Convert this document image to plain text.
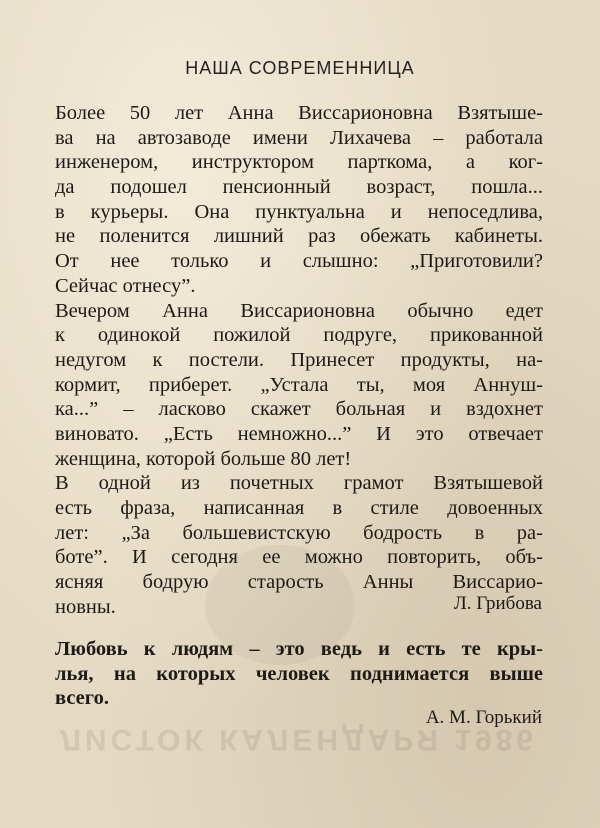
ЛИСТОК КАЛЕНДАРЯ 1986
НАША СОВРЕМЕННИЦА
Более 50 лет Анна Виссарионовна Взятыше-
ва на автозаводе имени Лихачева – работала
инженером, инструктором парткома, а ког-
да подошел пенсионный возраст, пошла...
в курьеры. Она пунктуальна и непоседлива,
не поленится лишний раз обежать кабинеты.
От нее только и слышно: „Приготовили?
Сейчас отнесу”.
Вечером Анна Виссарионовна обычно едет
к одинокой пожилой подруге, прикованной
недугом к постели. Принесет продукты, на-
кормит, приберет. „Устала ты, моя Аннуш-
ка...” – ласково скажет больная и вздохнет
виновато. „Есть немножно...” И это отвечает
женщина, которой больше 80 лет!
В одной из почетных грамот Взятышевой
есть фраза, написанная в стиле довоенных
лет: „За большевистскую бодрость в ра-
боте”. И сегодня ее можно повторить, объ-
ясняя бодрую старость Анны Виссарио-
новны.	Л. Грибова
Любовь к людям – это ведь и есть те кры-
лья, на которых человек поднимается выше
всего.
А. М. Горький
